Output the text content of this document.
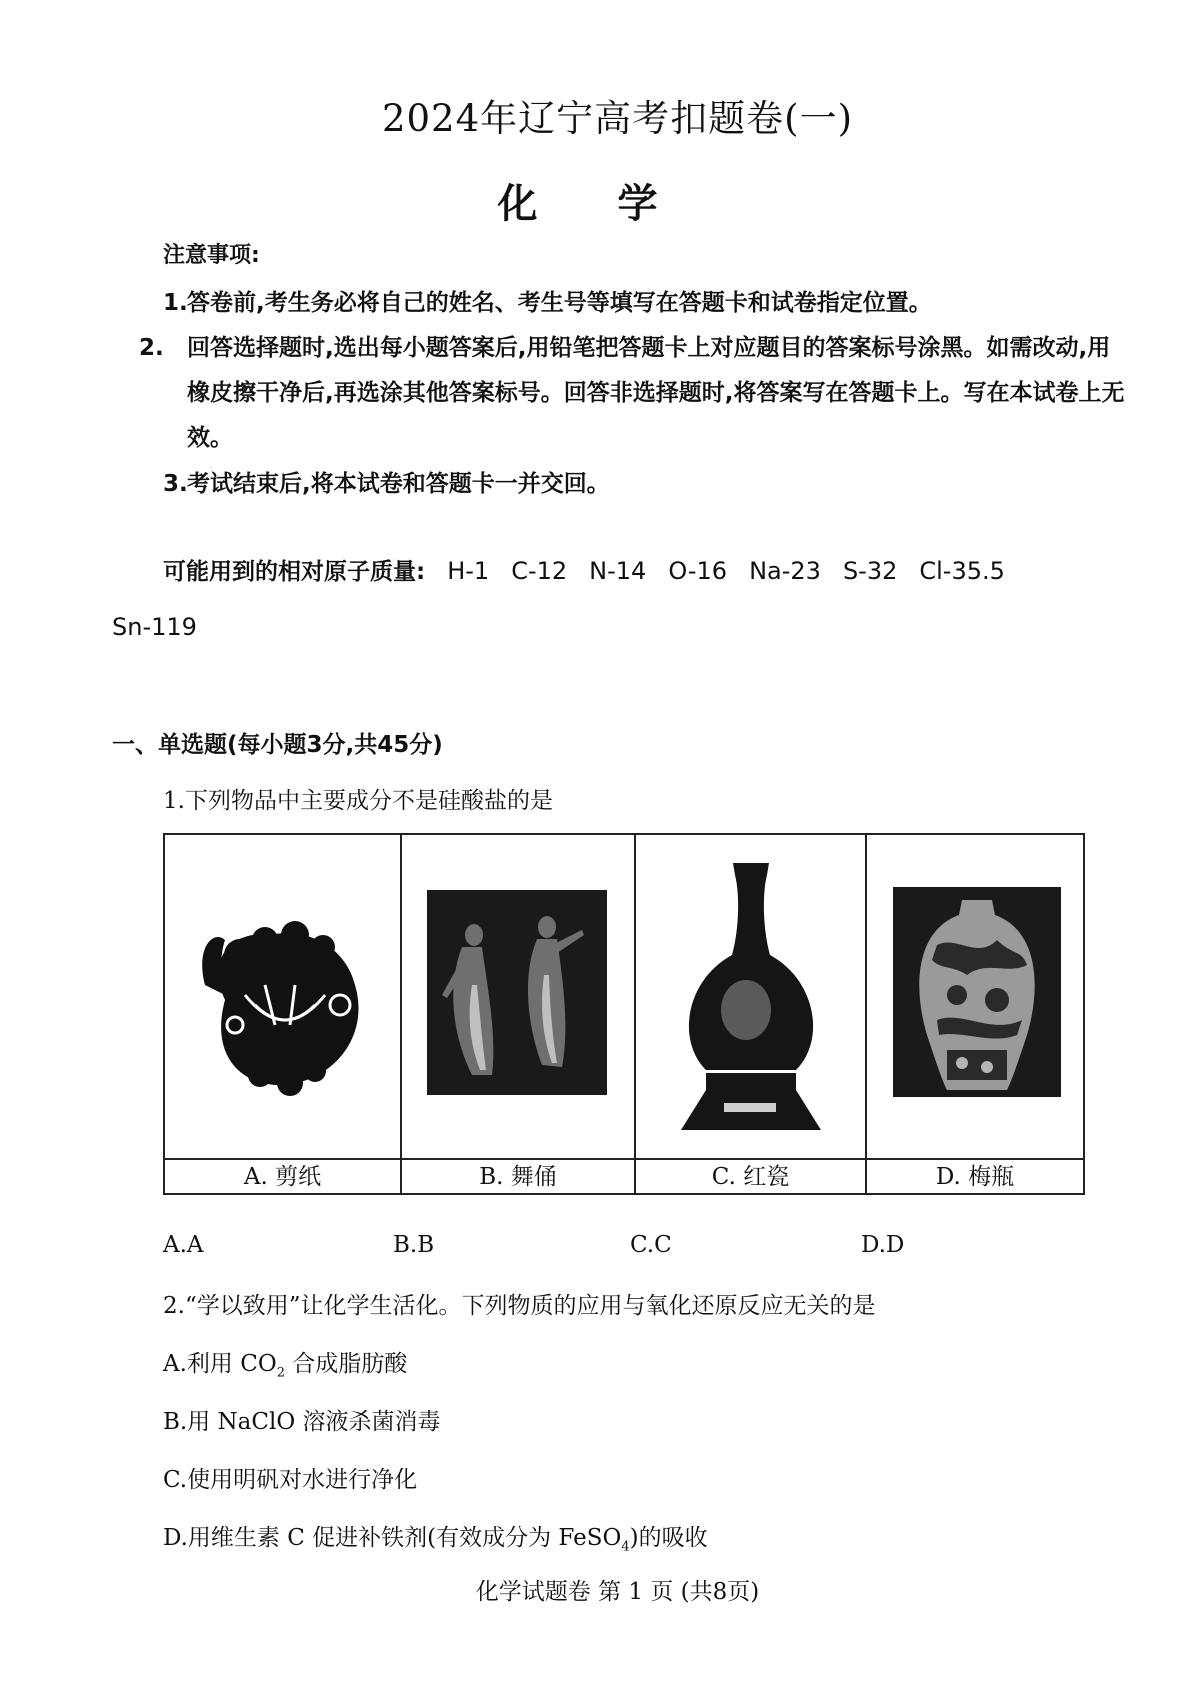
2024年辽宁高考扣题卷(一)
化学
注意事项:
1.答卷前,考生务必将自己的姓名、考生号等填写在答题卡和试卷指定位置。
2. 回答选择题时,选出每小题答案后,用铅笔把答题卡上对应题目的答案标号涂黑。如需改动,用橡皮擦干净后,再选涂其他答案标号。回答非选择题时,将答案写在答题卡上。写在本试卷上无效。
3.考试结束后,将本试卷和答题卡一并交回。
可能用到的相对原子质量: H-1 C-12 N-14 O-16 Na-23 S-32 Cl-35.5
Sn-119
一、单选题(每小题3分,共45分)
1.下列物品中主要成分不是硅酸盐的是
A. 剪纸	B. 舞俑	C. 红瓷	D. 梅瓶
A.A	B.B	C.C	D.D
2.“学以致用”让化学生活化。下列物质的应用与氧化还原反应无关的是
A.利用 $CO_2$ 合成脂肪酸
B.用 NaClO 溶液杀菌消毒
C.使用明矾对水进行净化
D.用维生素 C 促进补铁剂(有效成分为 FeSO$_4$)的吸收
化学试题卷 第 1 页 (共8页)
